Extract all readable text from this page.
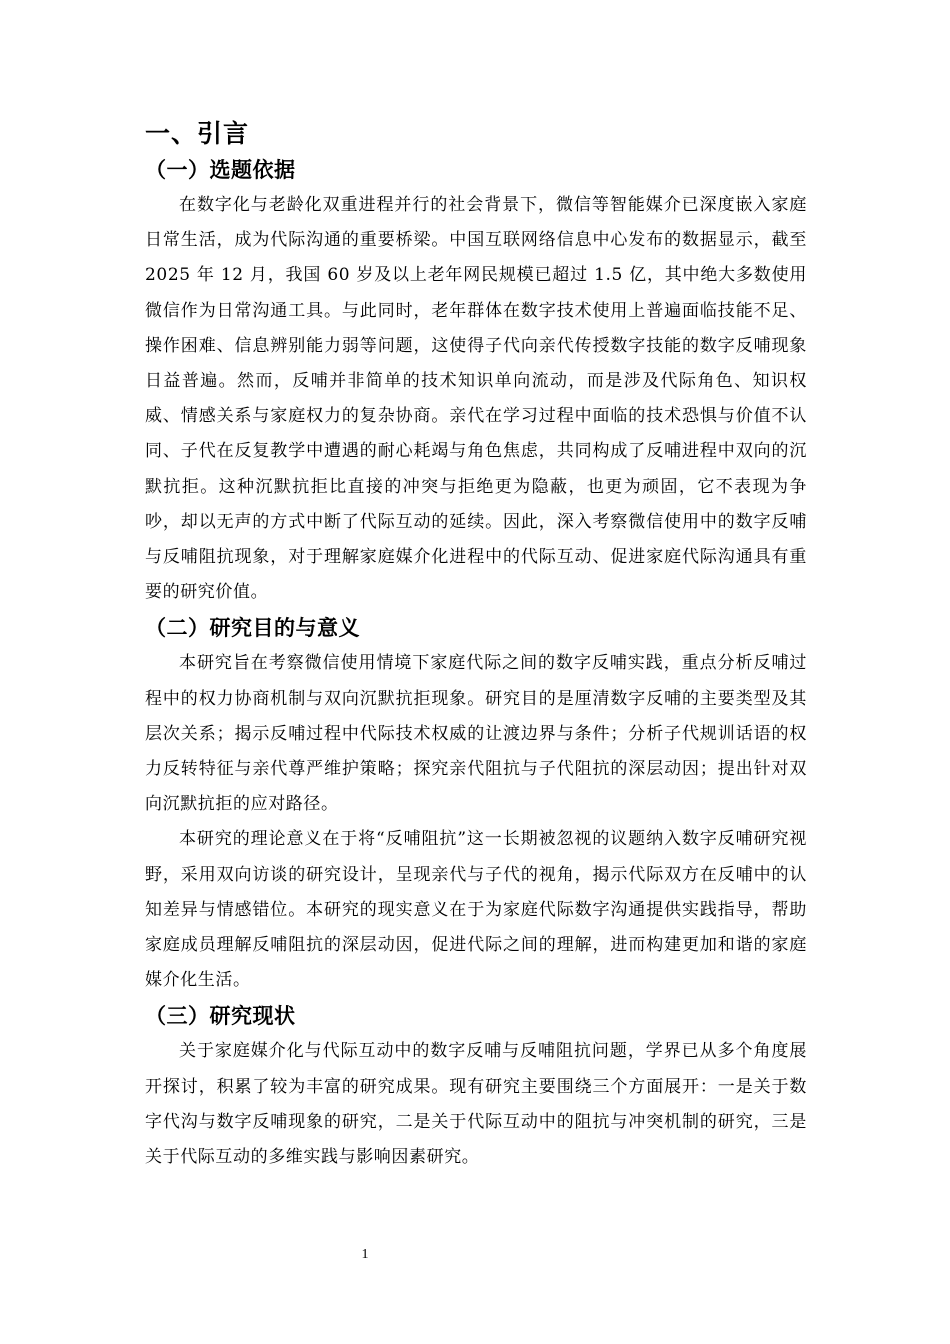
一、引言
（一）选题依据

在数字化与老龄化双重进程并行的社会背景下，微信等智能媒介已深度嵌入家庭日常生活，成为代际沟通的重要桥梁。中国互联网络信息中心发布的数据显示，截至 2025 年 12 月，我国 60 岁及以上老年网民规模已超过 1.5 亿，其中绝大多数使用微信作为日常沟通工具。与此同时，老年群体在数字技术使用上普遍面临技能不足、操作困难、信息辨别能力弱等问题，这使得子代向亲代传授数字技能的数字反哺现象日益普遍。然而，反哺并非简单的技术知识单向流动，而是涉及代际角色、知识权威、情感关系与家庭权力的复杂协商。亲代在学习过程中面临的技术恐惧与价值不认同、子代在反复教学中遭遇的耐心耗竭与角色焦虑，共同构成了反哺进程中双向的沉默抗拒。这种沉默抗拒比直接的冲突与拒绝更为隐蔽，也更为顽固，它不表现为争吵，却以无声的方式中断了代际互动的延续。因此，深入考察微信使用中的数字反哺与反哺阻抗现象，对于理解家庭媒介化进程中的代际互动、促进家庭代际沟通具有重要的研究价值。

（二）研究目的与意义

本研究旨在考察微信使用情境下家庭代际之间的数字反哺实践，重点分析反哺过程中的权力协商机制与双向沉默抗拒现象。研究目的是厘清数字反哺的主要类型及其层次关系；揭示反哺过程中代际技术权威的让渡边界与条件；分析子代规训话语的权力反转特征与亲代尊严维护策略；探究亲代阻抗与子代阻抗的深层动因；提出针对双向沉默抗拒的应对路径。

本研究的理论意义在于将“反哺阻抗”这一长期被忽视的议题纳入数字反哺研究视野，采用双向访谈的研究设计，呈现亲代与子代的视角，揭示代际双方在反哺中的认知差异与情感错位。本研究的现实意义在于为家庭代际数字沟通提供实践指导，帮助家庭成员理解反哺阻抗的深层动因，促进代际之间的理解，进而构建更加和谐的家庭媒介化生活。

（三）研究现状

关于家庭媒介化与代际互动中的数字反哺与反哺阻抗问题，学界已从多个角度展开探讨，积累了较为丰富的研究成果。现有研究主要围绕三个方面展开：一是关于数字代沟与数字反哺现象的研究，二是关于代际互动中的阻抗与冲突机制的研究，三是关于代际互动的多维实践与影响因素研究。

1
